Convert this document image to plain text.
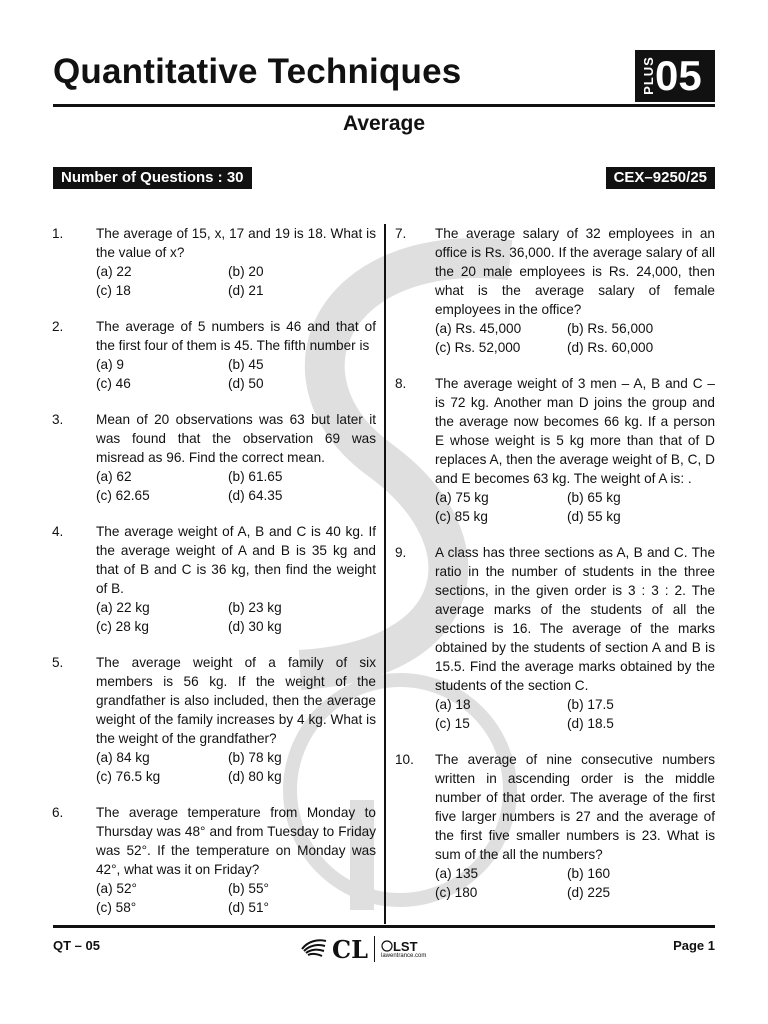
Quantitative Techniques	PLUS 05
Average
Number of Questions : 30	CEX–9250/25
1. The average of 15, x, 17 and 19 is 18. What is the value of x?
(a) 22	(b) 20
(c) 18	(d) 21
2. The average of 5 numbers is 46 and that of the first four of them is 45. The fifth number is
(a) 9	(b) 45
(c) 46	(d) 50
3. Mean of 20 observations was 63 but later it was found that the observation 69 was misread as 96. Find the correct mean.
(a) 62	(b) 61.65
(c) 62.65	(d) 64.35
4. The average weight of A, B and C is 40 kg. If the average weight of A and B is 35 kg and that of B and C is 36 kg, then find the weight of B.
(a) 22 kg	(b) 23 kg
(c) 28 kg	(d) 30 kg
5. The average weight of a family of six members is 56 kg. If the weight of the grandfather is also included, then the average weight of the family increases by 4 kg. What is the weight of the grandfather?
(a) 84 kg	(b) 78 kg
(c) 76.5 kg	(d) 80 kg
6. The average temperature from Monday to Thursday was 48° and from Tuesday to Friday was 52°. If the temperature on Monday was 42°, what was it on Friday?
(a) 52°	(b) 55°
(c) 58°	(d) 51°
7. The average salary of 32 employees in an office is Rs. 36,000. If the average salary of all the 20 male employees is Rs. 24,000, then what is the average salary of female employees in the office?
(a) Rs. 45,000	(b) Rs. 56,000
(c) Rs. 52,000	(d) Rs. 60,000
8. The average weight of 3 men – A, B and C – is 72 kg. Another man D joins the group and the average now becomes 66 kg. If a person E whose weight is 5 kg more than that of D replaces A, then the average weight of B, C, D and E becomes 63 kg. The weight of A is: .
(a) 75 kg	(b) 65 kg
(c) 85 kg	(d) 55 kg
9. A class has three sections as A, B and C. The ratio in the number of students in the three sections, in the given order is 3 : 3 : 2. The average marks of the students of all the sections is 16. The average of the marks obtained by the students of section A and B is 15.5. Find the average marks obtained by the students of the section C.
(a) 18	(b) 17.5
(c) 15	(d) 18.5
10. The average of nine consecutive numbers written in ascending order is the middle number of that order. The average of the first five larger numbers is 27 and the average of the first five smaller numbers is 23. What is sum of the all the numbers?
(a) 135	(b) 160
(c) 180	(d) 225
QT – 05	CL LST
lawentrance.com
Page 1
